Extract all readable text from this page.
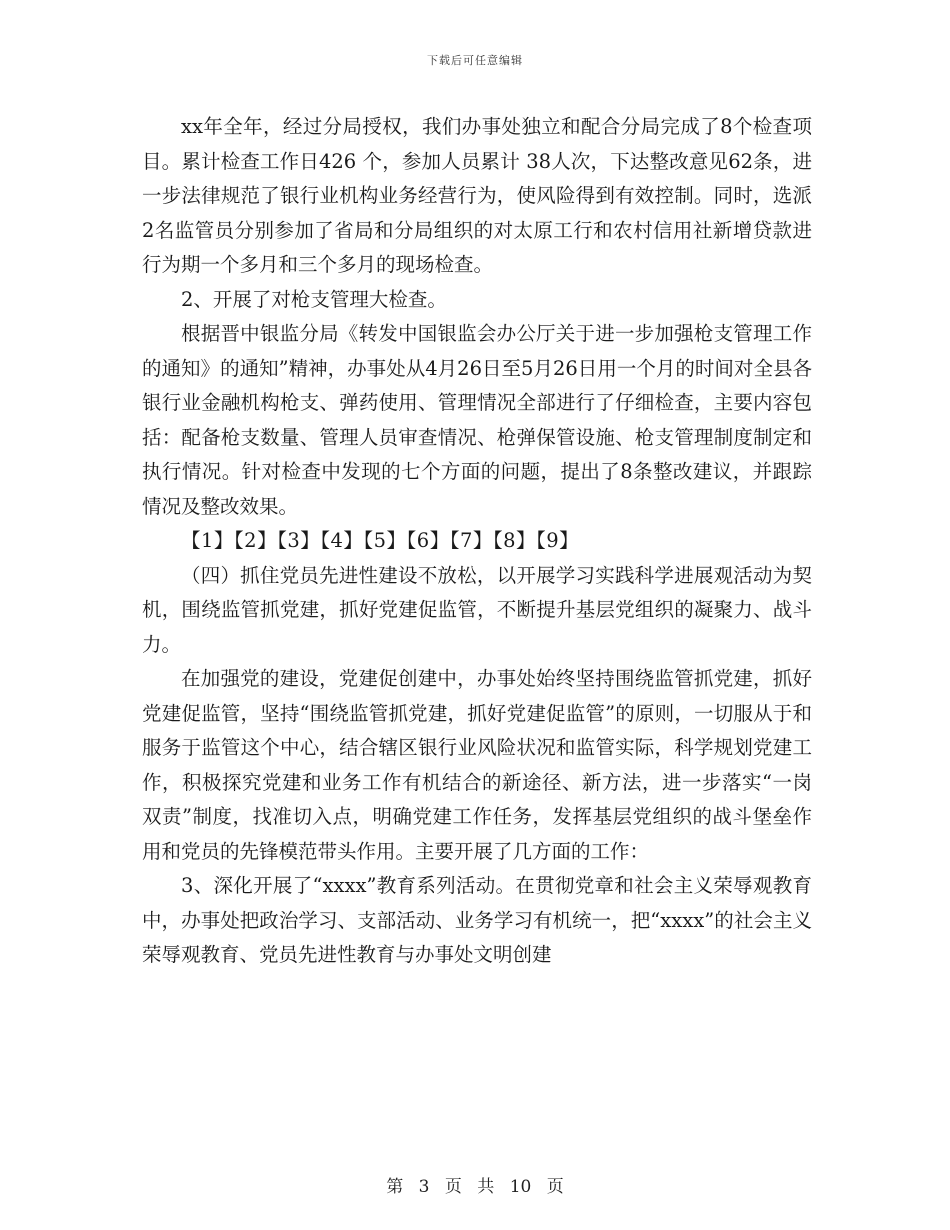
下载后可任意编辑

xx年全年，经过分局授权，我们办事处独立和配合分局完成了8个检查项目。累计检查工作日426 个，参加人员累计 38人次，下达整改意见62条，进一步法律规范了银行业机构业务经营行为，使风险得到有效控制。同时，选派2名监管员分别参加了省局和分局组织的对太原工行和农村信用社新增贷款进行为期一个多月和三个多月的现场检查。

2、开展了对枪支管理大检查。

根据晋中银监分局《转发中国银监会办公厅关于进一步加强枪支管理工作的通知》的通知”精神，办事处从4月26日至5月26日用一个月的时间对全县各银行业金融机构枪支、弹药使用、管理情况全部进行了仔细检查，主要内容包括：配备枪支数量、管理人员审查情况、枪弹保管设施、枪支管理制度制定和执行情况。针对检查中发现的七个方面的问题，提出了8条整改建议，并跟踪情况及整改效果。

【1】【2】【3】【4】【5】【6】【7】【8】【9】

（四）抓住党员先进性建设不放松，以开展学习实践科学进展观活动为契机，围绕监管抓党建，抓好党建促监管，不断提升基层党组织的凝聚力、战斗力。

在加强党的建设，党建促创建中，办事处始终坚持围绕监管抓党建，抓好党建促监管，坚持“围绕监管抓党建，抓好党建促监管”的原则，一切服从于和服务于监管这个中心，结合辖区银行业风险状况和监管实际，科学规划党建工作，积极探究党建和业务工作有机结合的新途径、新方法，进一步落实“一岗双责”制度，找准切入点，明确党建工作任务，发挥基层党组织的战斗堡垒作用和党员的先锋模范带头作用。主要开展了几方面的工作：

3、深化开展了“xxxx”教育系列活动。在贯彻党章和社会主义荣辱观教育中，办事处把政治学习、支部活动、业务学习有机统一，把“xxxx”的社会主义荣辱观教育、党员先进性教育与办事处文明创建

第 3 页 共 10 页
